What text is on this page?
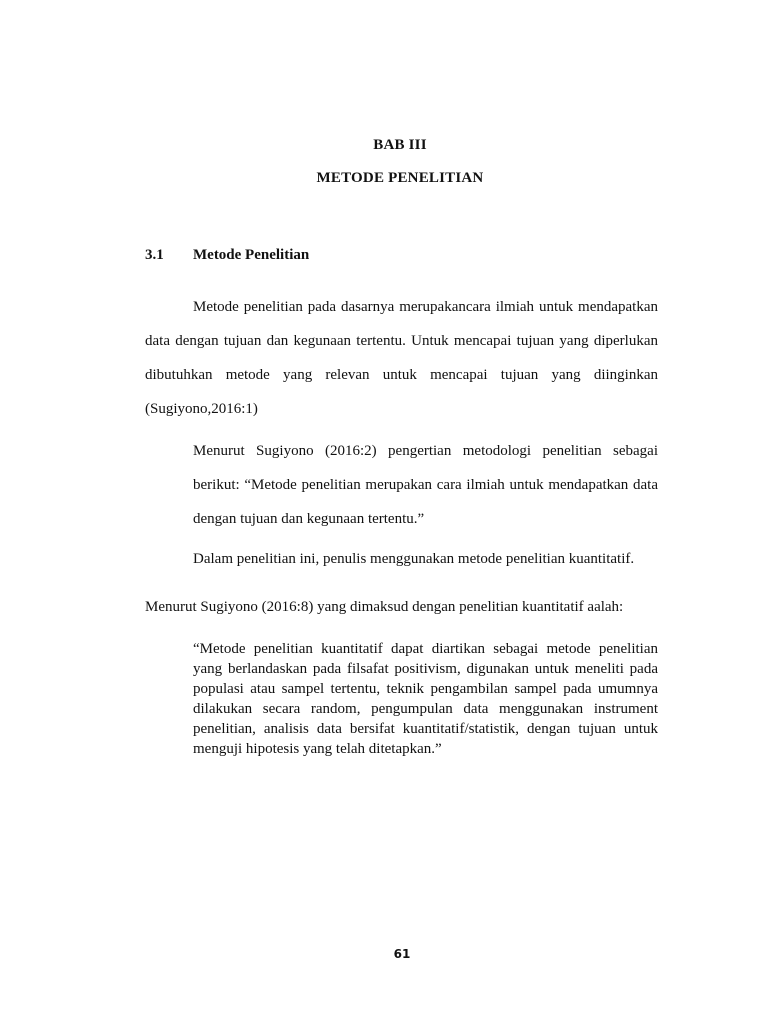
BAB III
METODE PENELITIAN
3.1 Metode Penelitian
Metode penelitian pada dasarnya merupakancara ilmiah untuk mendapatkan data dengan tujuan dan kegunaan tertentu. Untuk mencapai tujuan yang diperlukan dibutuhkan metode yang relevan untuk mencapai tujuan yang diinginkan (Sugiyono,2016:1)
Menurut Sugiyono (2016:2) pengertian metodologi penelitian sebagai berikut: “Metode penelitian merupakan cara ilmiah untuk mendapatkan data dengan tujuan dan kegunaan tertentu.”
Dalam penelitian ini, penulis menggunakan metode penelitian kuantitatif.
Menurut Sugiyono (2016:8) yang dimaksud dengan penelitian kuantitatif aalah:
“Metode penelitian kuantitatif dapat diartikan sebagai metode penelitian yang berlandaskan pada filsafat positivism, digunakan untuk meneliti pada populasi atau sampel tertentu, teknik pengambilan sampel pada umumnya dilakukan secara random, pengumpulan data menggunakan instrument penelitian, analisis data bersifat kuantitatif/statistik, dengan tujuan untuk menguji hipotesis yang telah ditetapkan.”
61
